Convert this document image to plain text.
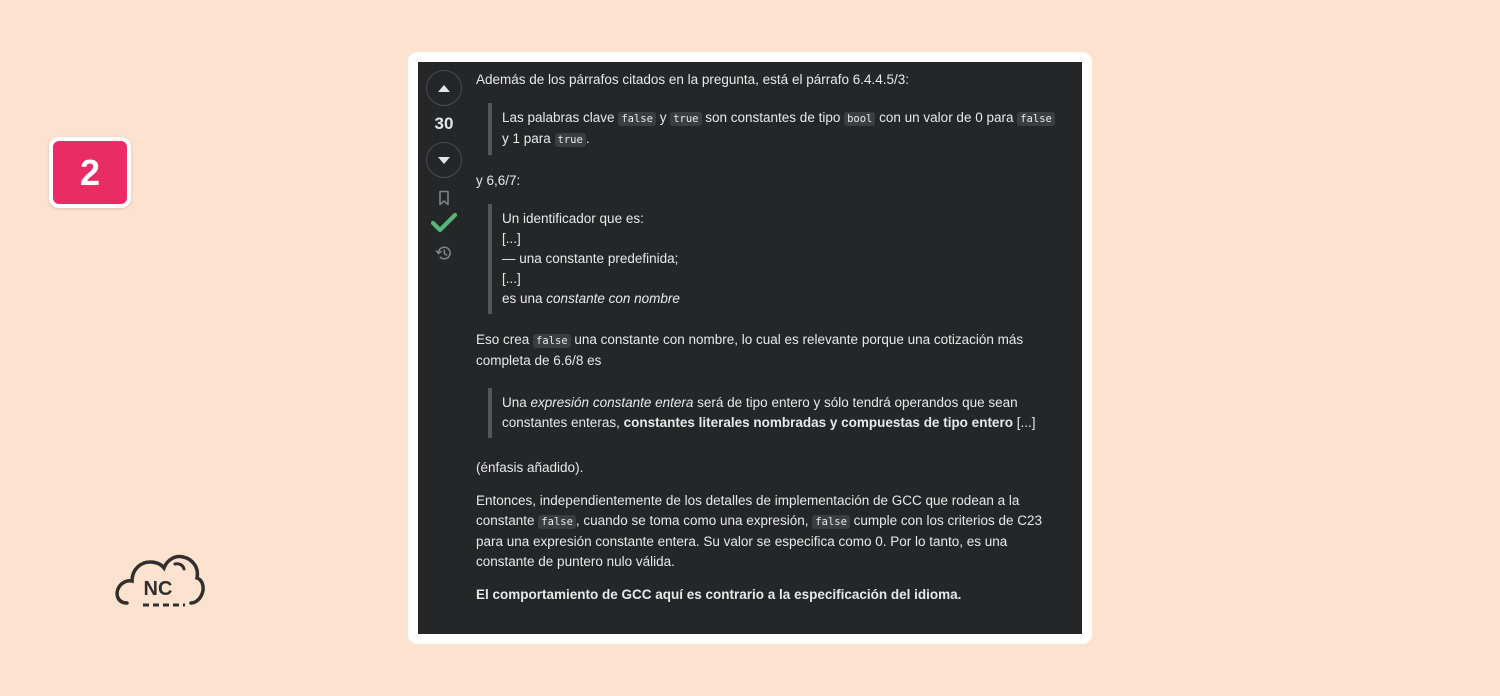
2
NC
30

Además de los párrafos citados en la pregunta, está el párrafo 6.4.4.5/3:

Las palabras clave false y true son constantes de tipo bool con un valor de 0 para false y 1 para true .

y 6,6/7:

Un identificador que es:

[...]

— una constante predefinida;

[...]

es una constante con nombre

Eso crea false una constante con nombre, lo cual es relevante porque una cotización más completa de 6.6/8 es

Una expresión constante entera será de tipo entero y sólo tendrá operandos que sean constantes enteras, constantes literales nombradas y compuestas de tipo entero [...]

(énfasis añadido).

Entonces, independientemente de los detalles de implementación de GCC que rodean a la constante false , cuando se toma como una expresión, false cumple con los criterios de C23 para una expresión constante entera. Su valor se especifica como 0. Por lo tanto, es una constante de puntero nulo válida.

El comportamiento de GCC aquí es contrario a la especificación del idioma.
